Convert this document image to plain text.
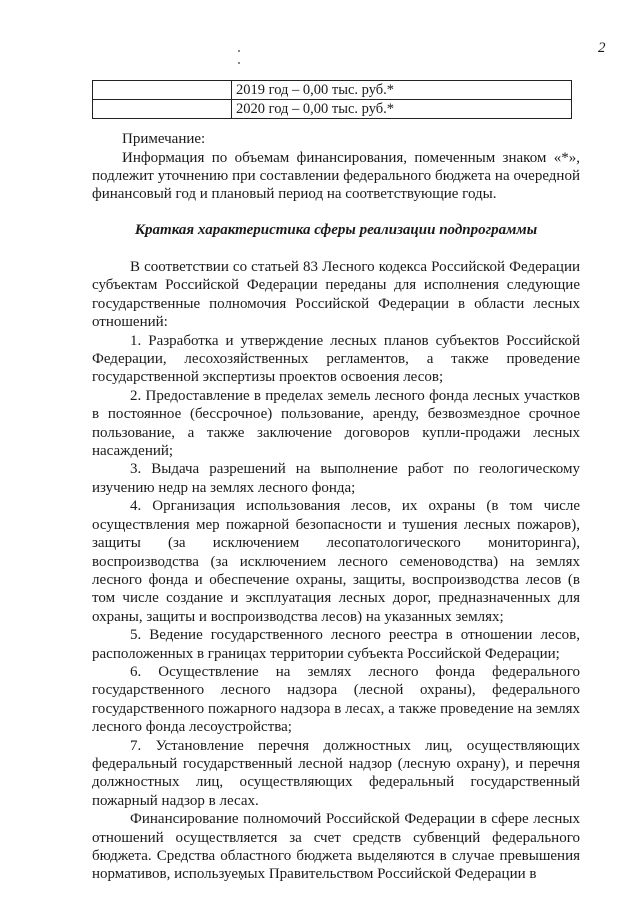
2
	2019 год – 0,00 тыс. руб.*
	2020 год – 0,00 тыс. руб.*
Примечание:
Информация по объемам финансирования, помеченным знаком «*», подлежит уточнению при составлении федерального бюджета на очередной финансовый год и плановый период на соответствующие годы.
Краткая характеристика сферы реализации подпрограммы

В соответствии со статьей 83 Лесного кодекса Российской Федерации субъектам Российской Федерации переданы для исполнения следующие государственные полномочия Российской Федерации в области лесных отношений:

1. Разработка и утверждение лесных планов субъектов Российской Федерации, лесохозяйственных регламентов, а также проведение государственной экспертизы проектов освоения лесов;

2. Предоставление в пределах земель лесного фонда лесных участков в постоянное (бессрочное) пользование, аренду, безвозмездное срочное пользование, а также заключение договоров купли-продажи лесных насаждений;

3. Выдача разрешений на выполнение работ по геологическому изучению недр на землях лесного фонда;

4. Организация использования лесов, их охраны (в том числе осуществления мер пожарной безопасности и тушения лесных пожаров), защиты (за исключением лесопатологического мониторинга), воспроизводства (за исключением лесного семеноводства) на землях лесного фонда и обеспечение охраны, защиты, воспроизводства лесов (в том числе создание и эксплуатация лесных дорог, предназначенных для охраны, защиты и воспроизводства лесов) на указанных землях;

5. Ведение государственного лесного реестра в отношении лесов, расположенных в границах территории субъекта Российской Федерации;

6. Осуществление на землях лесного фонда федерального государственного лесного надзора (лесной охраны), федерального государственного пожарного надзора в лесах, а также проведение на землях лесного фонда лесоустройства;

7. Установление перечня должностных лиц, осуществляющих федеральный государственный лесной надзор (лесную охрану), и перечня должностных лиц, осуществляющих федеральный государственный пожарный надзор в лесах.

Финансирование полномочий Российской Федерации в сфере лесных отношений осуществляется за счет средств субвенций федерального бюджета. Средства областного бюджета выделяются в случае превышения нормативов, используемых Правительством Российской Федерации в
